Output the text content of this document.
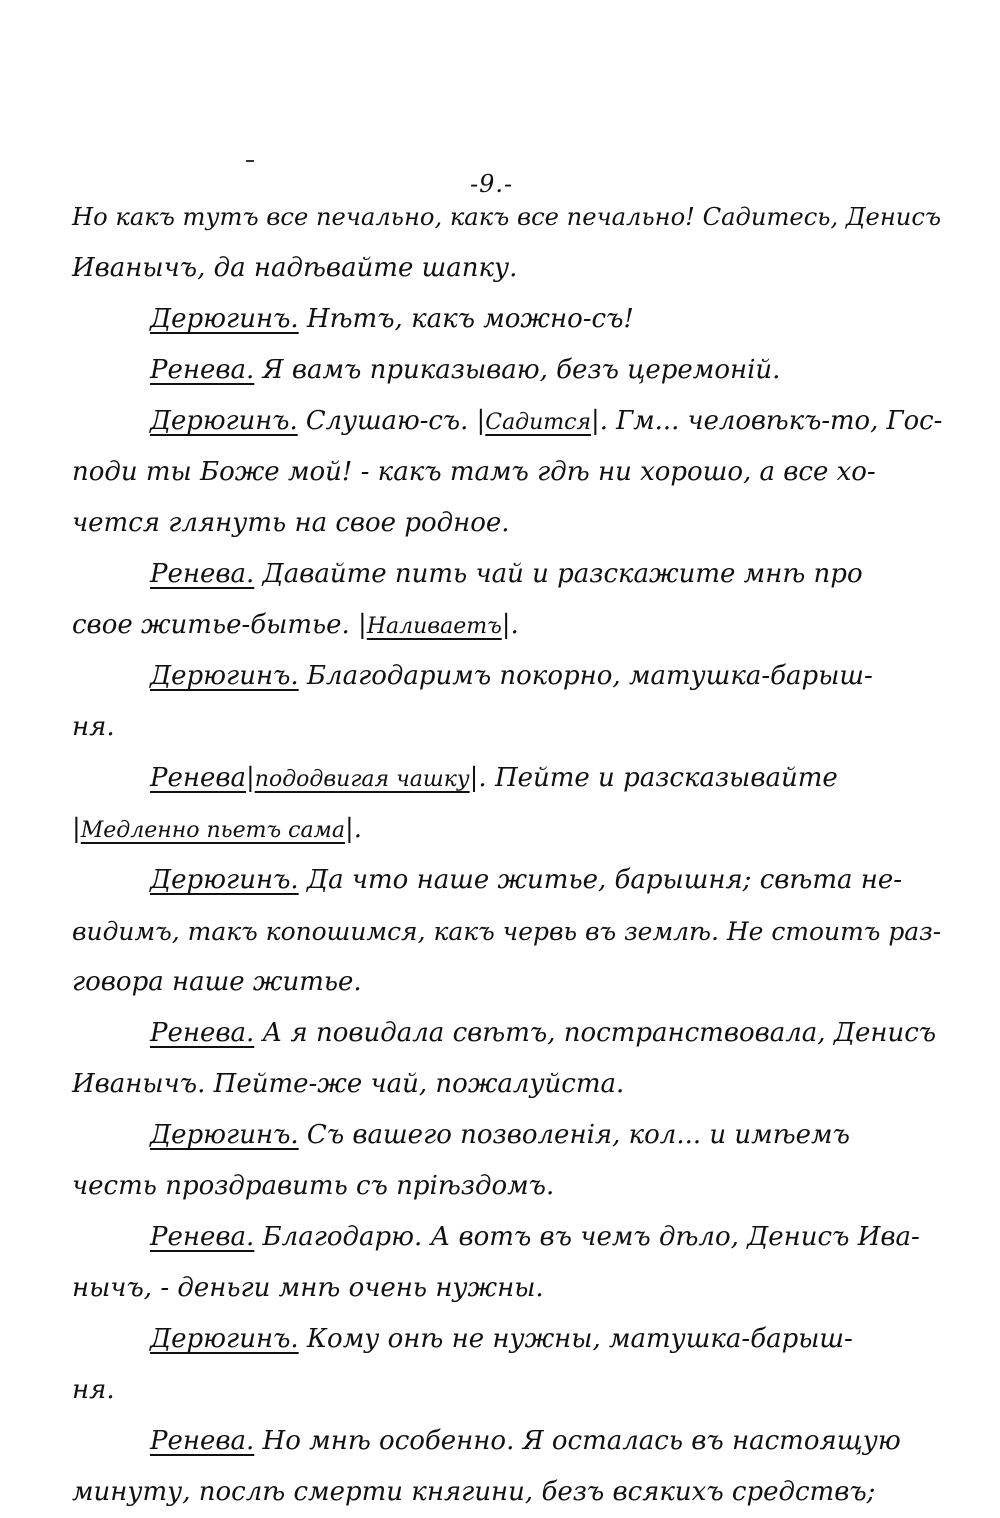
-9.-
Но какъ тутъ все печально, какъ все печально! Садитесь, Денисъ
Иванычъ, да надѣвайте шапку.
Дерюгинъ. Нѣтъ, какъ можно-съ!
Ренева. Я вамъ приказываю, безъ церемоній.
Дерюгинъ. Слушаю-съ. |Садится|. Гм... человѣкъ-то, Гос-
поди ты Боже мой! - какъ тамъ гдѣ ни хорошо, а все хо-
чется глянуть на свое родное.
Ренева. Давайте пить чай и разскажите мнѣ про
свое житье-бытье. |Наливаетъ|.
Дерюгинъ. Благодаримъ покорно, матушка-барыш-
ня.
Ренева|пододвигая чашку|. Пейте и разсказывайте
|Медленно пьетъ сама|.
Дерюгинъ. Да что наше житье, барышня; свѣта не-
видимъ, такъ копошимся, какъ червь въ землѣ. Не стоитъ раз-
говора наше житье.
Ренева. А я повидала свѣтъ, постранствовала, Денисъ
Иванычъ. Пейте-же чай, пожалуйста.
Дерюгинъ. Съ вашего позволенія, кол... и имѣемъ
честь проздравить съ пріѣздомъ.
Ренева. Благодарю. А вотъ въ чемъ дѣло, Денисъ Ива-
нычъ, - деньги мнѣ очень нужны.
Дерюгинъ. Кому онѣ не нужны, матушка-барыш-
ня.
Ренева. Но мнѣ особенно. Я осталась въ настоящую
минуту, послѣ смерти княгини, безъ всякихъ средствъ;
